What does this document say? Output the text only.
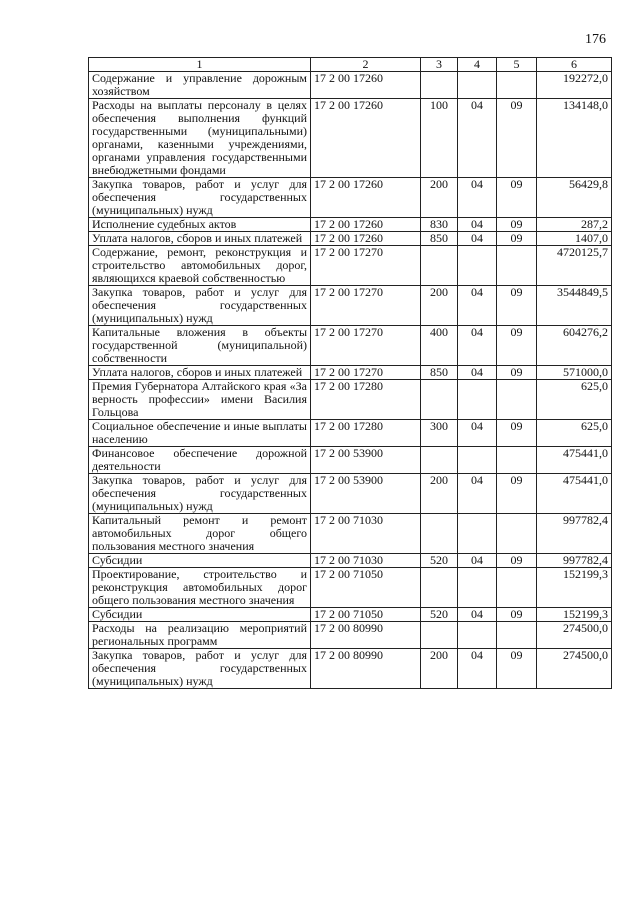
176
1	2	3	4	5	6
Содержание и управление дорожным хозяйством	17 2 00 17260				192272,0
Расходы на выплаты персоналу в целях обеспечения выполнения функций государственными (муниципальными) органами, казенными учреждениями, органами управления государственными внебюджетными фондами	17 2 00 17260	100	04	09	134148,0
Закупка товаров, работ и услуг для обеспечения государственных (муниципальных) нужд	17 2 00 17260	200	04	09	56429,8
Исполнение судебных актов	17 2 00 17260	830	04	09	287,2
Уплата налогов, сборов и иных платежей	17 2 00 17260	850	04	09	1407,0
Содержание, ремонт, реконструкция и строительство автомобильных дорог, являющихся краевой собственностью	17 2 00 17270				4720125,7
Закупка товаров, работ и услуг для обеспечения государственных (муниципальных) нужд	17 2 00 17270	200	04	09	3544849,5
Капитальные вложения в объекты государственной (муниципальной) собственности	17 2 00 17270	400	04	09	604276,2
Уплата налогов, сборов и иных платежей	17 2 00 17270	850	04	09	571000,0
Премия Губернатора Алтайского края «За верность профессии» имени Василия Гольцова	17 2 00 17280				625,0
Социальное обеспечение и иные выплаты населению	17 2 00 17280	300	04	09	625,0
Финансовое обеспечение дорожной деятельности	17 2 00 53900				475441,0
Закупка товаров, работ и услуг для обеспечения государственных (муниципальных) нужд	17 2 00 53900	200	04	09	475441,0
Капитальный ремонт и ремонт автомобильных дорог общего пользования местного значения	17 2 00 71030				997782,4
Субсидии	17 2 00 71030	520	04	09	997782,4
Проектирование, строительство и реконструкция автомобильных дорог общего пользования местного значения	17 2 00 71050				152199,3
Субсидии	17 2 00 71050	520	04	09	152199,3
Расходы на реализацию мероприятий региональных программ	17 2 00 80990				274500,0
Закупка товаров, работ и услуг для обеспечения государственных (муниципальных) нужд	17 2 00 80990	200	04	09	274500,0
